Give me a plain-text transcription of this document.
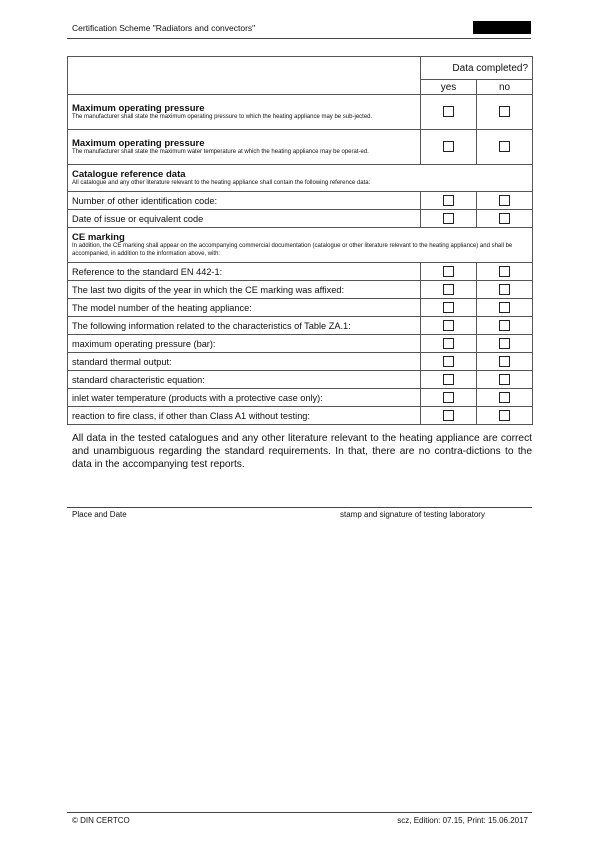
Certification Scheme "Radiators and convectors"
	Data completed?	
	yes	no

Maximum operating pressure
The manufacturer shall state the maximum operating pressure to which the heating appliance may be sub-jected.		

Maximum operating pressure
The manufacturer shall state the maximum water temperature at which the heating appliance may be operat-ed.		

Catalogue reference data
All catalogue and any other literature relevant to the heating appliance shall contain the following reference data:		

Number of other identification code:		
Date of issue or equivalent code		

CE marking
In addition, the CE marking shall appear on the accompanying commercial documentation (catalogue or other literature relevant to the heating appliance) and shall be accompanied, in addition to the information above, with:		

Reference to the standard EN 442-1:		
The last two digits of the year in which the CE marking was affixed:		
The model number of the heating appliance:		
The following information related to the characteristics of Table ZA.1:		
maximum operating pressure (bar):		
standard thermal output:		
standard characteristic equation:		
inlet water temperature (products with a protective case only):		
reaction to fire class, if other than Class A1 without testing:		
All data in the tested catalogues and any other literature relevant to the heating appliance are correct and unambiguous regarding the standard requirements. In that, there are no contra-dictions to the data in the accompanying test reports.
Place and Date	stamp and signature of testing laboratory
© DIN CERTCO	scz, Edition: 07.15, Print: 15.06.2017
